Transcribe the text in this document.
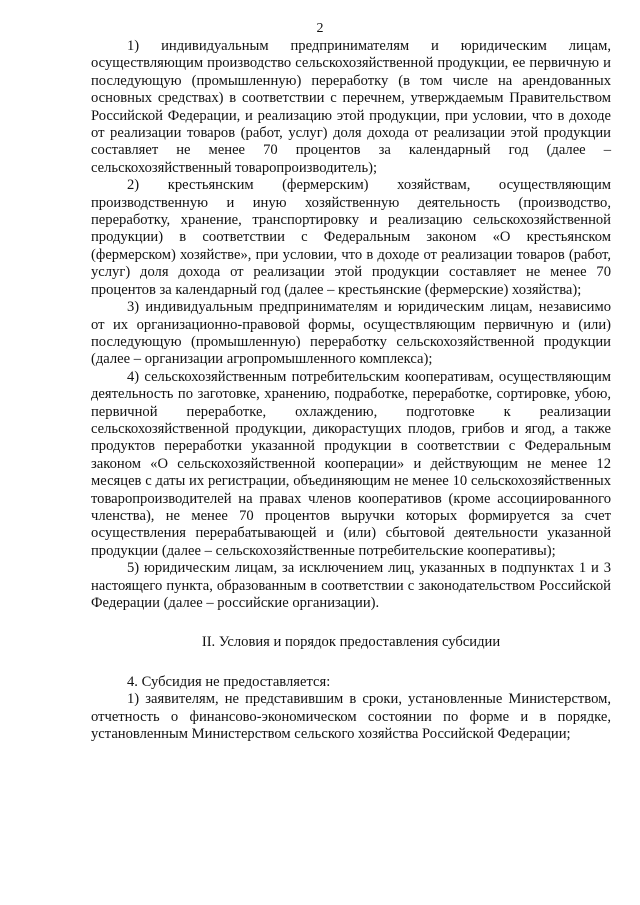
2

1) индивидуальным предпринимателям и юридическим лицам, осуществляющим производство сельскохозяйственной продукции, ее первичную и последующую (промышленную) переработку (в том числе на арендованных основных средствах) в соответствии с перечнем, утверждаемым Правительством Российской Федерации, и реализацию этой продукции, при условии, что в доходе от реализации товаров (работ, услуг) доля дохода от реализации этой продукции составляет не менее 70 процентов за календарный год (далее – сельскохозяйственный товаропроизводитель);

2) крестьянским (фермерским) хозяйствам, осуществляющим производственную и иную хозяйственную деятельность (производство, переработку, хранение, транспортировку и реализацию сельскохозяйственной продукции) в соответствии с Федеральным законом «О крестьянском (фермерском) хозяйстве», при условии, что в доходе от реализации товаров (работ, услуг) доля дохода от реализации этой продукции составляет не менее 70 процентов за календарный год (далее – крестьянские (фермерские) хозяйства);

3) индивидуальным предпринимателям и юридическим лицам, независимо от их организационно-правовой формы, осуществляющим первичную и (или) последующую (промышленную) переработку сельскохозяйственной продукции (далее – организации агропромышленного комплекса);

4) сельскохозяйственным потребительским кооперативам, осуществляющим деятельность по заготовке, хранению, подработке, переработке, сортировке, убою, первичной переработке, охлаждению, подготовке к реализации сельскохозяйственной продукции, дикорастущих плодов, грибов и ягод, а также продуктов переработки указанной продукции в соответствии с Федеральным законом «О сельскохозяйственной кооперации» и действующим не менее 12 месяцев с даты их регистрации, объединяющим не менее 10 сельскохозяйственных товаропроизводителей на правах членов кооперативов (кроме ассоциированного членства), не менее 70 процентов выручки которых формируется за счет осуществления перерабатывающей и (или) сбытовой деятельности указанной продукции (далее – сельскохозяйственные потребительские кооперативы);

5) юридическим лицам, за исключением лиц, указанных в подпунктах 1 и 3 настоящего пункта, образованным в соответствии с законодательством Российской Федерации (далее – российские организации).

II. Условия и порядок предоставления субсидии

4. Субсидия не предоставляется:

1) заявителям, не представившим в сроки, установленные Министерством, отчетность о финансово-экономическом состоянии по форме и в порядке, установленным Министерством сельского хозяйства Российской Федерации;
